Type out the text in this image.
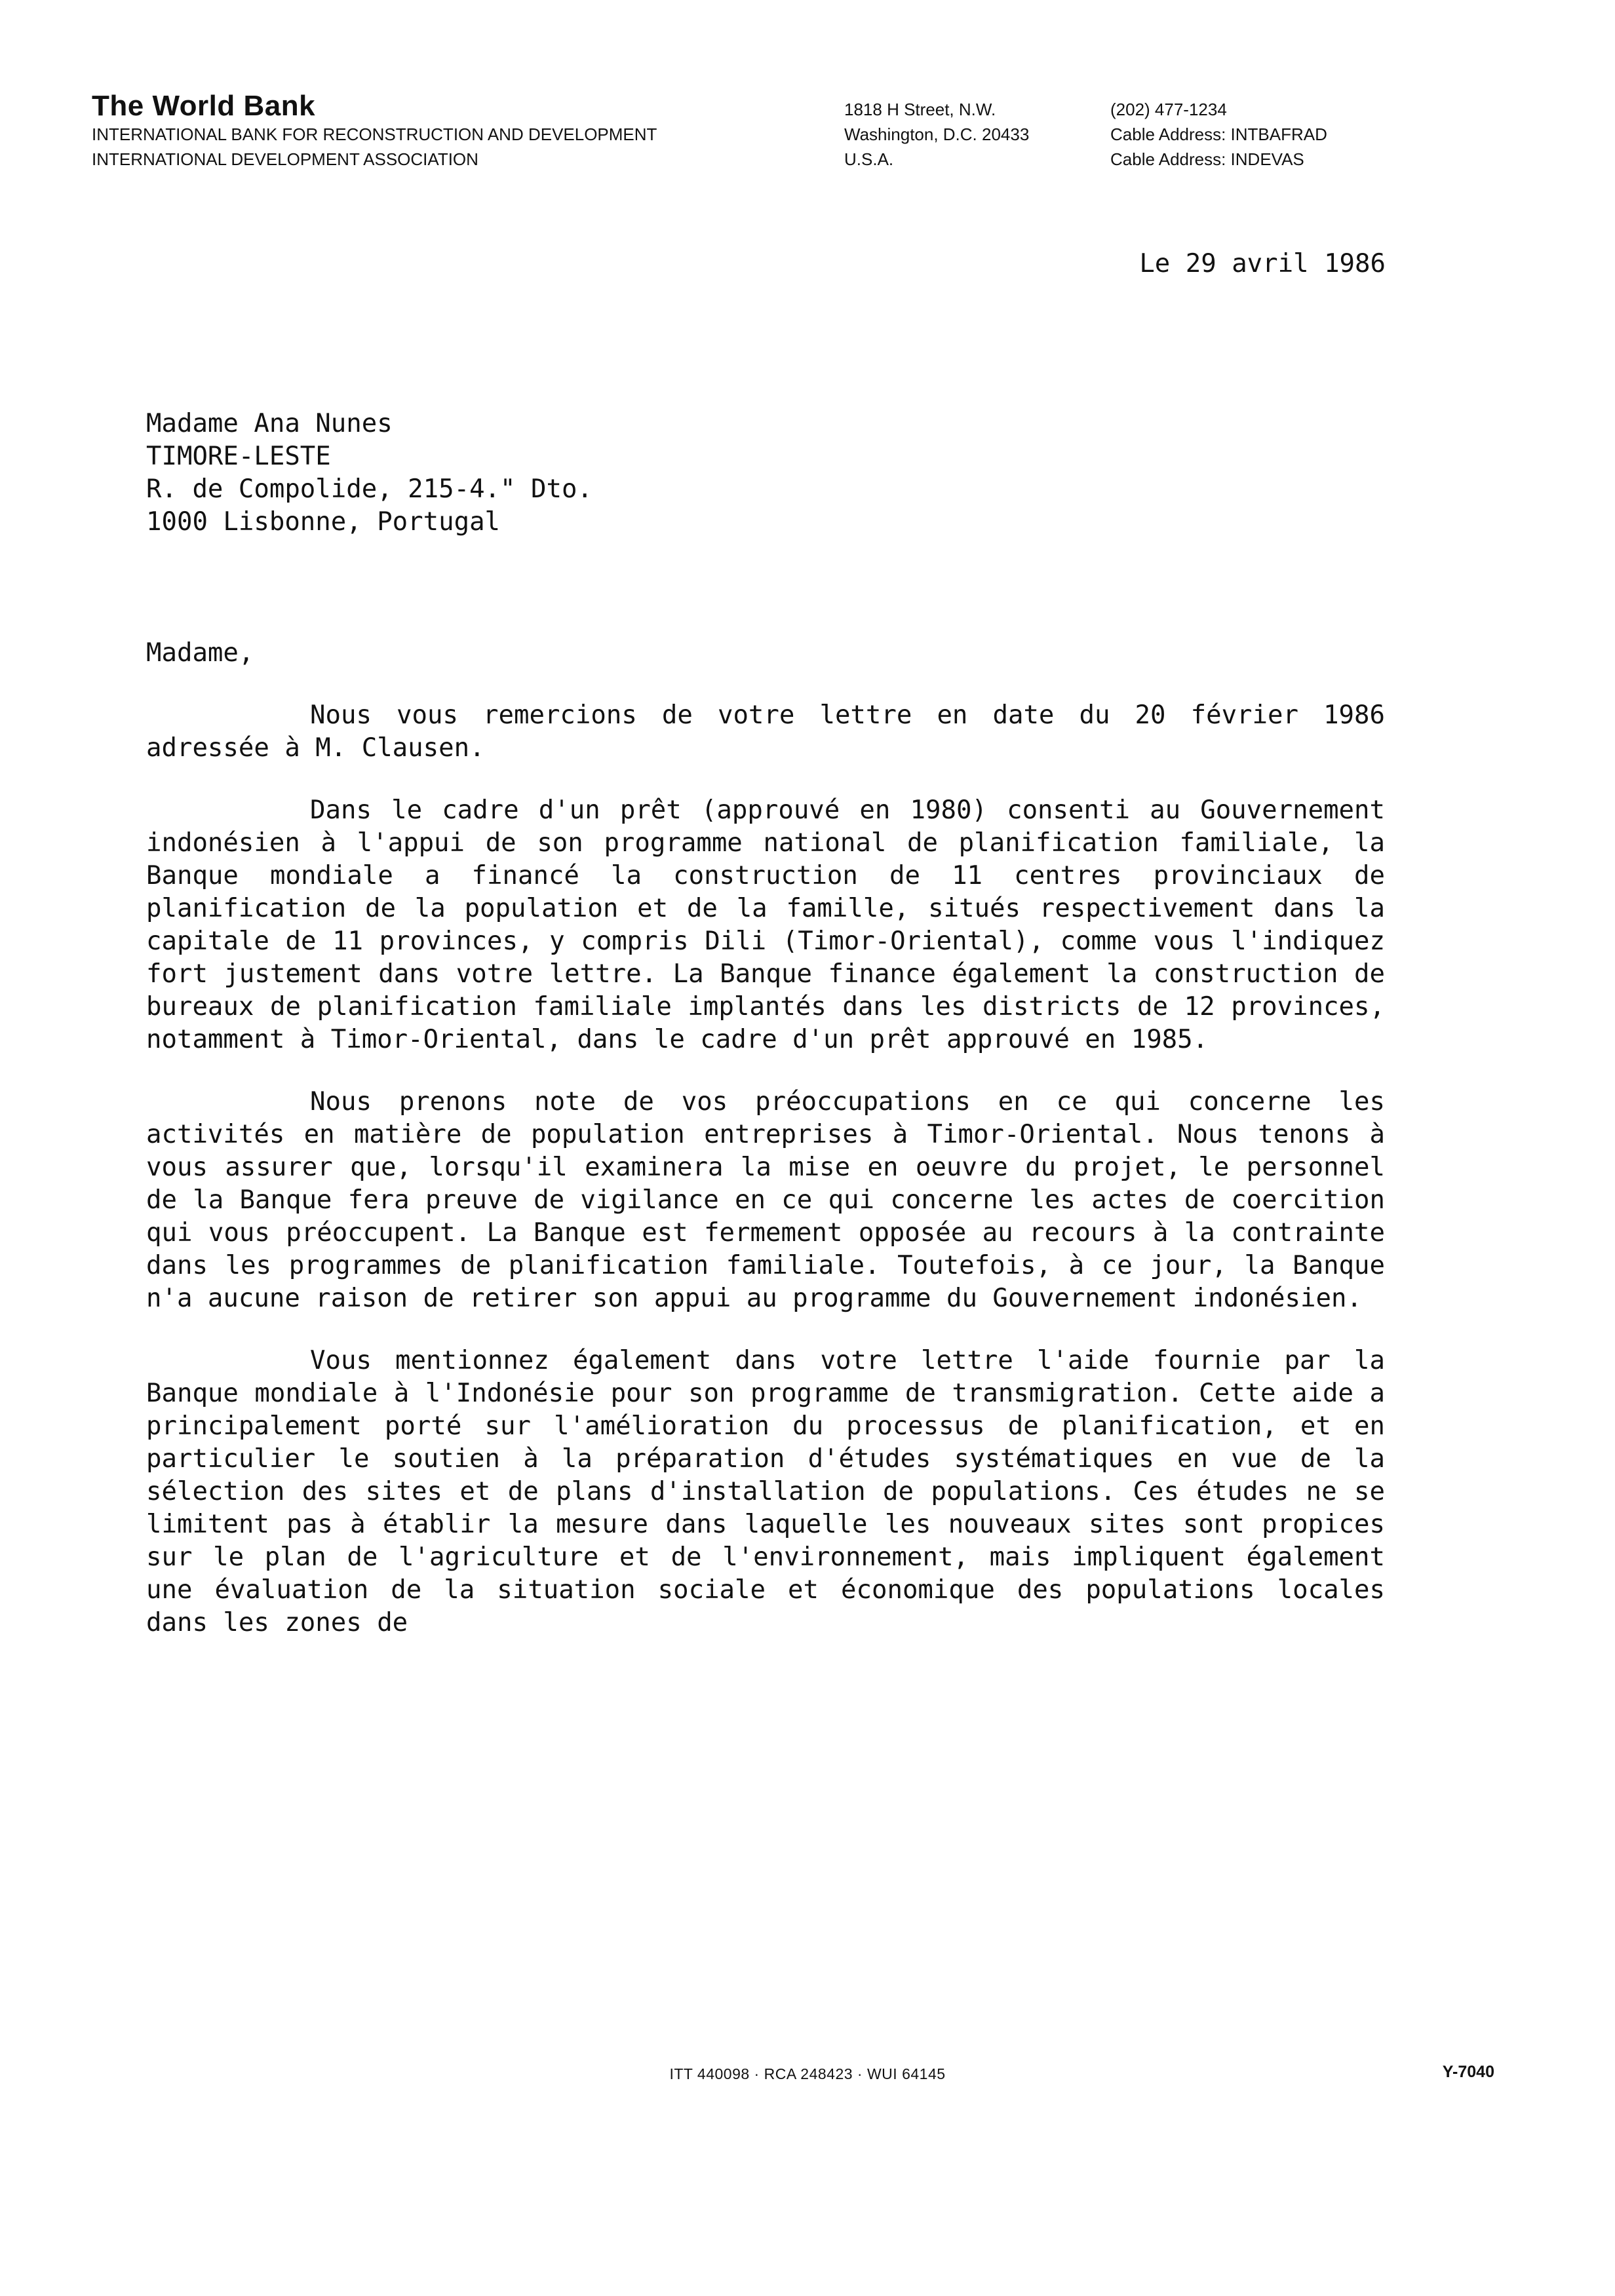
The World Bank
INTERNATIONAL BANK FOR RECONSTRUCTION AND DEVELOPMENT
INTERNATIONAL DEVELOPMENT ASSOCIATION
1818 H Street, N.W.
Washington, D.C. 20433
U.S.A.
(202) 477-1234
Cable Address: INTBAFRAD
Cable Address: INDEVAS
Le 29 avril 1986
Madame Ana Nunes
TIMORE-LESTE
R. de Compolide, 215-4." Dto.
1000 Lisbonne, Portugal
Madame,

Nous vous remercions de votre lettre en date du 20 février 1986 adressée à M. Clausen.

Dans le cadre d'un prêt (approuvé en 1980) consenti au Gouvernement indonésien à l'appui de son programme national de planification familiale, la Banque mondiale a financé la construction de 11 centres provinciaux de planification de la population et de la famille, situés respectivement dans la capitale de 11 provinces, y compris Dili (Timor-Oriental), comme vous l'indiquez fort justement dans votre lettre. La Banque finance également la construction de bureaux de planification familiale implantés dans les districts de 12 provinces, notamment à Timor-Oriental, dans le cadre d'un prêt approuvé en 1985.

Nous prenons note de vos préoccupations en ce qui concerne les activités en matière de population entreprises à Timor-Oriental. Nous tenons à vous assurer que, lorsqu'il examinera la mise en oeuvre du projet, le personnel de la Banque fera preuve de vigilance en ce qui concerne les actes de coercition qui vous préoccupent. La Banque est fermement opposée au recours à la contrainte dans les programmes de planification familiale. Toutefois, à ce jour, la Banque n'a aucune raison de retirer son appui au programme du Gouvernement indonésien.

Vous mentionnez également dans votre lettre l'aide fournie par la Banque mondiale à l'Indonésie pour son programme de transmigration. Cette aide a principalement porté sur l'amélioration du processus de planification, et en particulier le soutien à la préparation d'études systématiques en vue de la sélection des sites et de plans d'installation de populations. Ces études ne se limitent pas à établir la mesure dans laquelle les nouveaux sites sont propices sur le plan de l'agriculture et de l'environnement, mais impliquent également une évaluation de la situation sociale et économique des populations locales dans les zones de

ITT 440098 · RCA 248423 · WUI 64145	Y-7040
